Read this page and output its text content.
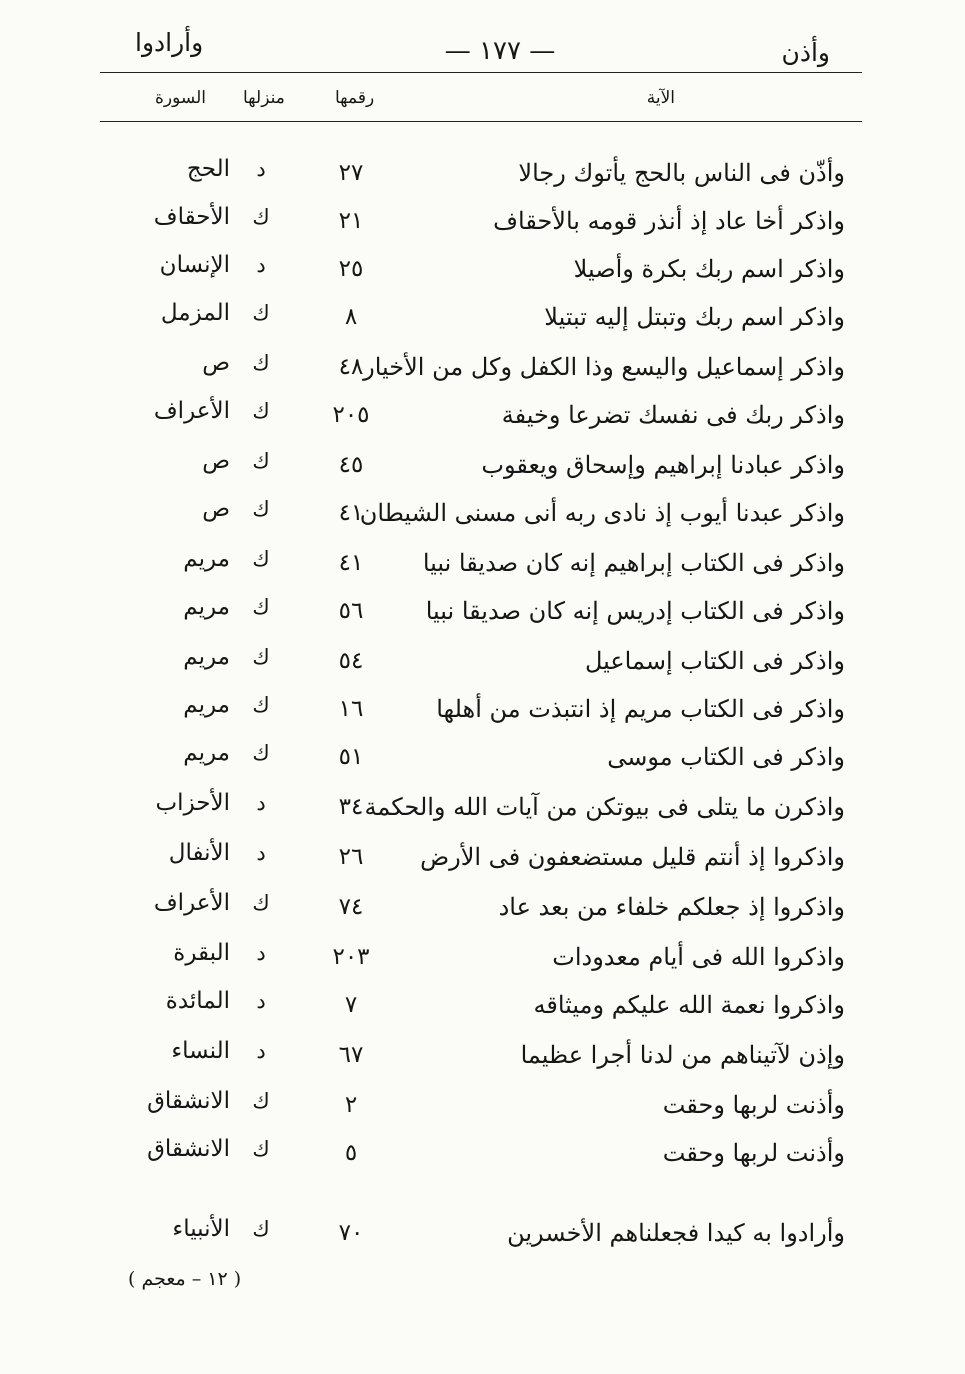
وأذن
— ١٧٧ —
وأرادوا
الآية
رقمها
منزلها
السورة
وأذّن فى الناس بالحج يأتوك رجالا
٢٧
د
الحج
واذكر أخا عاد إذ أنذر قومه بالأحقاف
٢١
ك
الأحقاف
واذكر اسم ربك بكرة وأصيلا
٢٥
د
الإنسان
واذكر اسم ربك وتبتل إليه تبتيلا
٨
ك
المزمل
واذكر إسماعيل واليسع وذا الكفل وكل من الأخيار
٤٨
ك
ص
واذكر ربك فى نفسك تضرعا وخيفة
٢٠٥
ك
الأعراف
واذكر عبادنا إبراهيم وإسحاق ويعقوب
٤٥
ك
ص
واذكر عبدنا أيوب إذ نادى ربه أنى مسنى الشيطان
٤١
ك
ص
واذكر فى الكتاب إبراهيم إنه كان صديقا نبيا
٤١
ك
مريم
واذكر فى الكتاب إدريس إنه كان صديقا نبيا
٥٦
ك
مريم
واذكر فى الكتاب إسماعيل
٥٤
ك
مريم
واذكر فى الكتاب مريم إذ انتبذت من أهلها
١٦
ك
مريم
واذكر فى الكتاب موسى
٥١
ك
مريم
واذكرن ما يتلى فى بيوتكن من آيات الله والحكمة
٣٤
د
الأحزاب
واذكروا إذ أنتم قليل مستضعفون فى الأرض
٢٦
د
الأنفال
واذكروا إذ جعلكم خلفاء من بعد عاد
٧٤
ك
الأعراف
واذكروا الله فى أيام معدودات
٢٠٣
د
البقرة
واذكروا نعمة الله عليكم وميثاقه
٧
د
المائدة
وإذن لآتيناهم من لدنا أجرا عظيما
٦٧
د
النساء
وأذنت لربها وحقت
٢
ك
الانشقاق
وأذنت لربها وحقت
٥
ك
الانشقاق
وأرادوا به كيدا فجعلناهم الأخسرين
٧٠
ك
الأنبياء
( ١٢ – معجم )
